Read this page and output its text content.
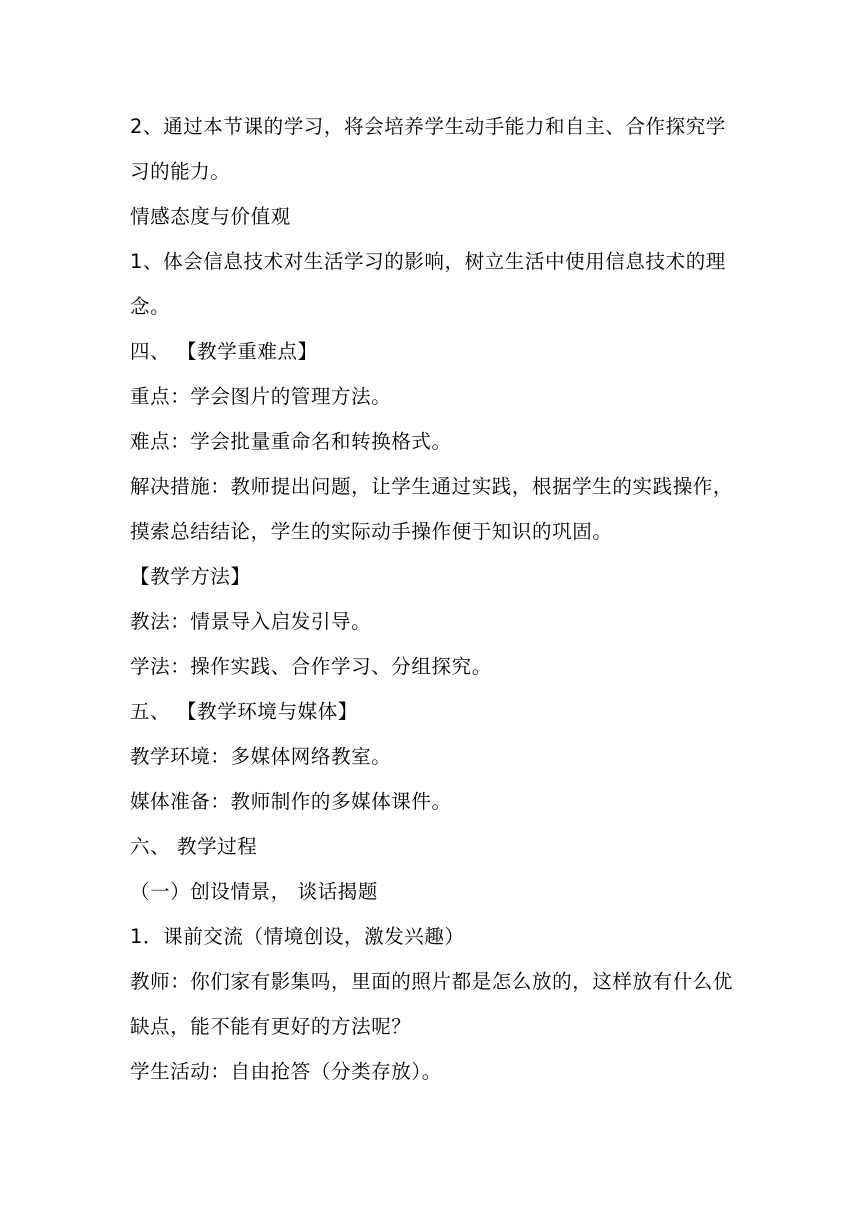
2、通过本节课的学习，将会培养学生动手能力和自主、合作探究学
习的能力。
情感态度与价值观
1、体会信息技术对生活学习的影响，树立生活中使用信息技术的理
念。
四、 【教学重难点】
重点：学会图片的管理方法。
难点：学会批量重命名和转换格式。
解决措施：教师提出问题，让学生通过实践，根据学生的实践操作，
摸索总结结论，学生的实际动手操作便于知识的巩固。
【教学方法】
教法：情景导入启发引导。
学法：操作实践、合作学习、分组探究。
五、 【教学环境与媒体】
教学环境：多媒体网络教室。
媒体准备：教师制作的多媒体课件。
六、 教学过程
（一）创设情景， 谈话揭题
1．课前交流（情境创设，激发兴趣）
教师：你们家有影集吗，里面的照片都是怎么放的，这样放有什么优
缺点，能不能有更好的方法呢？
学生活动：自由抢答（分类存放）。
